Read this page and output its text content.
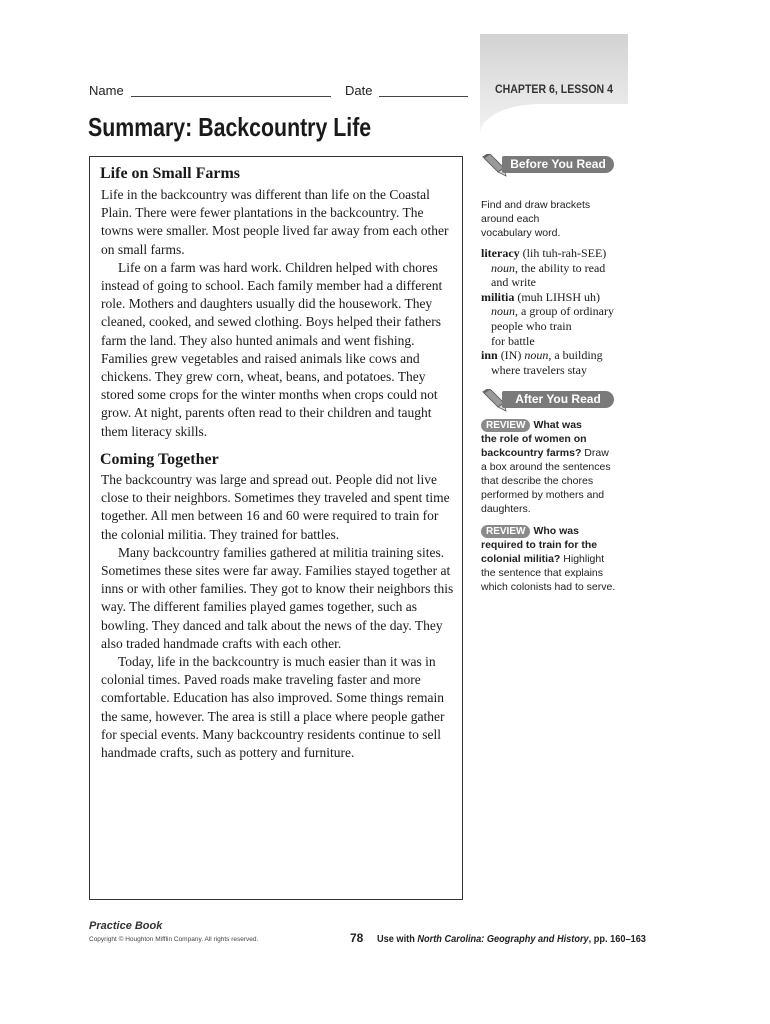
Name	Date	CHAPTER 6, LESSON 4
Summary: Backcountry Life
Life on Small Farms

Life in the backcountry was different than life on the Coastal Plain. There were fewer plantations in the backcountry. The towns were smaller. Most people lived far away from each other on small farms.

Life on a farm was hard work. Children helped with chores instead of going to school. Each family member had a different role. Mothers and daughters usually did the housework. They cleaned, cooked, and sewed clothing. Boys helped their fathers farm the land. They also hunted animals and went fishing. Families grew vegetables and raised animals like cows and chickens. They grew corn, wheat, beans, and potatoes. They stored some crops for the winter months when crops could not grow. At night, parents often read to their children and taught them literacy skills.

Coming Together

The backcountry was large and spread out. People did not live close to their neighbors. Sometimes they traveled and spent time together. All men between 16 and 60 were required to train for the colonial militia. They trained for battles.

Many backcountry families gathered at militia training sites. Sometimes these sites were far away. Families stayed together at inns or with other families. They got to know their neighbors this way. The different families played games together, such as bowling. They danced and talk about the news of the day. They also traded handmade crafts with each other.

Today, life in the backcountry is much easier than it was in colonial times. Paved roads make traveling faster and more comfortable. Education has also improved. Some things remain the same, however. The area is still a place where people gather for special events. Many backcountry residents continue to sell handmade crafts, such as pottery and furniture.

Before You Read
Find and draw brackets
around each
vocabulary word.
literacy (lih tuh-rah-SEE)
noun, the ability to read
and write
militia (muh LIHSH uh)
noun, a group of ordinary
people who train
for battle
inn (IN) noun, a building
where travelers stay
After You Read
REVIEW What was
the role of women on
backcountry farms? Draw
a box around the sentences
that describe the chores
performed by mothers and
daughters.
REVIEW Who was
required to train for the
colonial militia? Highlight
the sentence that explains
which colonists had to serve.
Practice Book
Copyright © Houghton Mifflin Company. All rights reserved.	78 Use with North Carolina: Geography and History, pp. 160–163
